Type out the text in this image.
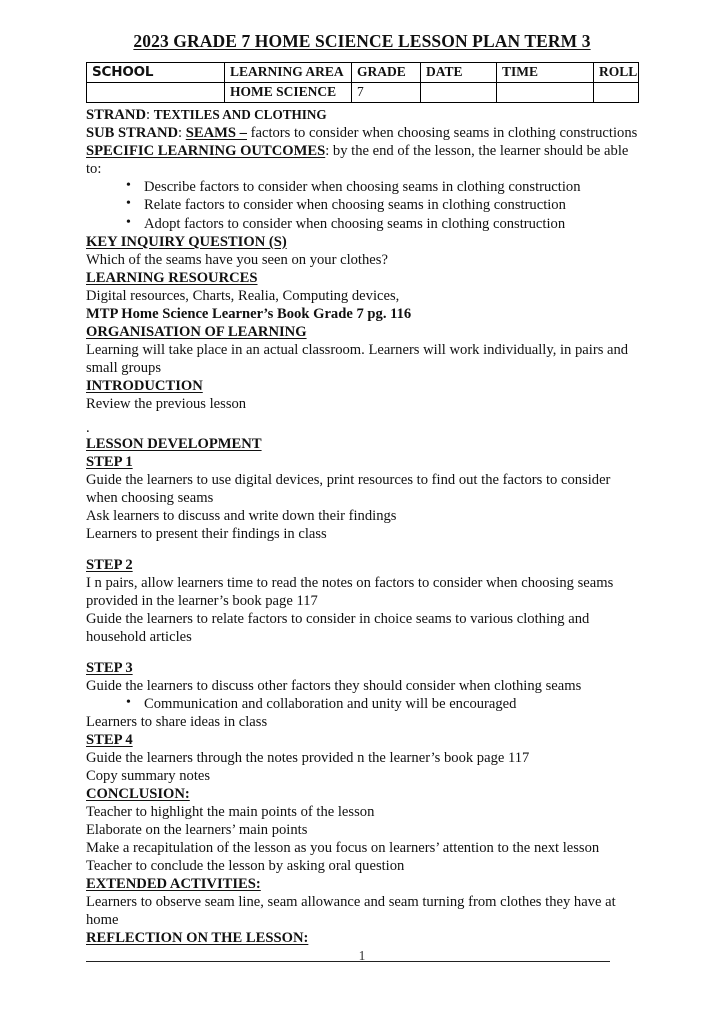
2023 GRADE 7 HOME SCIENCE LESSON PLAN TERM 3
SCHOOL	LEARNING AREA	GRADE	DATE	TIME	ROLL
	HOME SCIENCE	7			

STRAND: TEXTILES AND CLOTHING

SUB STRAND: SEAMS – factors to consider when choosing seams in clothing constructions

SPECIFIC LEARNING OUTCOMES: by the end of the lesson, the learner should be able to:

• Describe factors to consider when choosing seams in clothing construction
• Relate factors to consider when choosing seams in clothing construction
• Adopt factors to consider when choosing seams in clothing construction

KEY INQUIRY QUESTION (S)

Which of the seams have you seen on your clothes?

LEARNING RESOURCES

Digital resources, Charts, Realia, Computing devices,

MTP Home Science Learner’s Book Grade 7 pg. 116

ORGANISATION OF LEARNING

Learning will take place in an actual classroom. Learners will work individually, in pairs and

small groups

INTRODUCTION

Review the previous lesson

.

LESSON DEVELOPMENT

STEP 1

Guide the learners to use digital devices, print resources to find out the factors to consider

when choosing seams

Ask learners to discuss and write down their findings

Learners to present their findings in class

STEP 2

I n pairs, allow learners time to read the notes on factors to consider when choosing seams

provided in the learner’s book page 117

Guide the learners to relate factors to consider in choice seams to various clothing and

household articles

STEP 3

Guide the learners to discuss other factors they should consider when clothing seams

• Communication and collaboration and unity will be encouraged

Learners to share ideas in class

STEP 4

Guide the learners through the notes provided n the learner’s book page 117

Copy summary notes

CONCLUSION:

Teacher to highlight the main points of the lesson

Elaborate on the learners’ main points

Make a recapitulation of the lesson as you focus on learners’ attention to the next lesson

Teacher to conclude the lesson by asking oral question

EXTENDED ACTIVITIES:

Learners to observe seam line, seam allowance and seam turning from clothes they have at

home

REFLECTION ON THE LESSON:

1
